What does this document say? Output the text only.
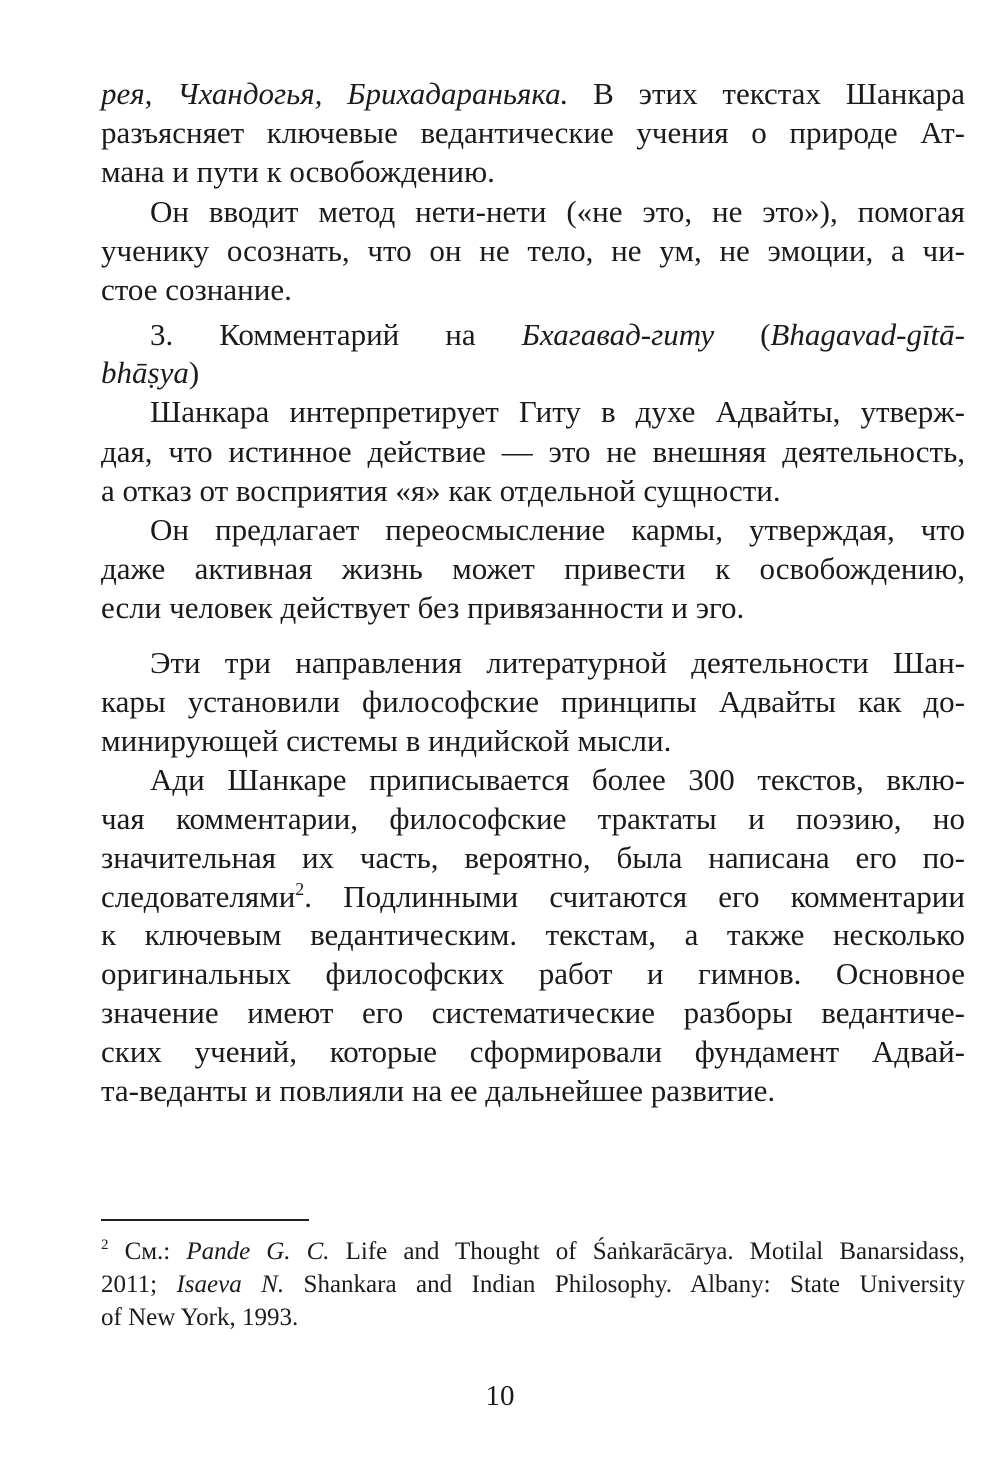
рея, Чхандогья, Брихадараньяка. В этих текстах Шанкара
разъясняет ключевые ведантические учения о природе Ат-
мана и пути к освобождению.
Он вводит метод нети-нети («не это, не это»), помогая
ученику осознать, что он не тело, не ум, не эмоции, а чи-
стое сознание.
3. Комментарий на Бхагавад-гиту (Bhagavad-gītā-
bhāṣya)
Шанкара интерпретирует Гиту в духе Адвайты, утверж-
дая, что истинное действие — это не внешняя деятельность,
а отказ от восприятия «я» как отдельной сущности.
Он предлагает переосмысление кармы, утверждая, что
даже активная жизнь может привести к освобождению,
если человек действует без привязанности и эго.
Эти три направления литературной деятельности Шан-
кары установили философские принципы Адвайты как до-
минирующей системы в индийской мысли.
Ади Шанкаре приписывается более 300 текстов, вклю-
чая комментарии, философские трактаты и поэзию, но
значительная их часть, вероятно, была написана его по-
следователями$^2$. Подлинными считаются его комментарии
к ключевым ведантическим. текстам, а также несколько
оригинальных философских работ и гимнов. Основное
значение имеют его систематические разборы ведантиче-
ских учений, которые сформировали фундамент Адвай-
та-веданты и повлияли на ее дальнейшее развитие.
$^2$ См.: Pande G. C. Life and Thought of Śaṅkarācārya. Motilal Banarsidass,
2011; Isaeva N. Shankara and Indian Philosophy. Albany: State University
of New York, 1993.
10
